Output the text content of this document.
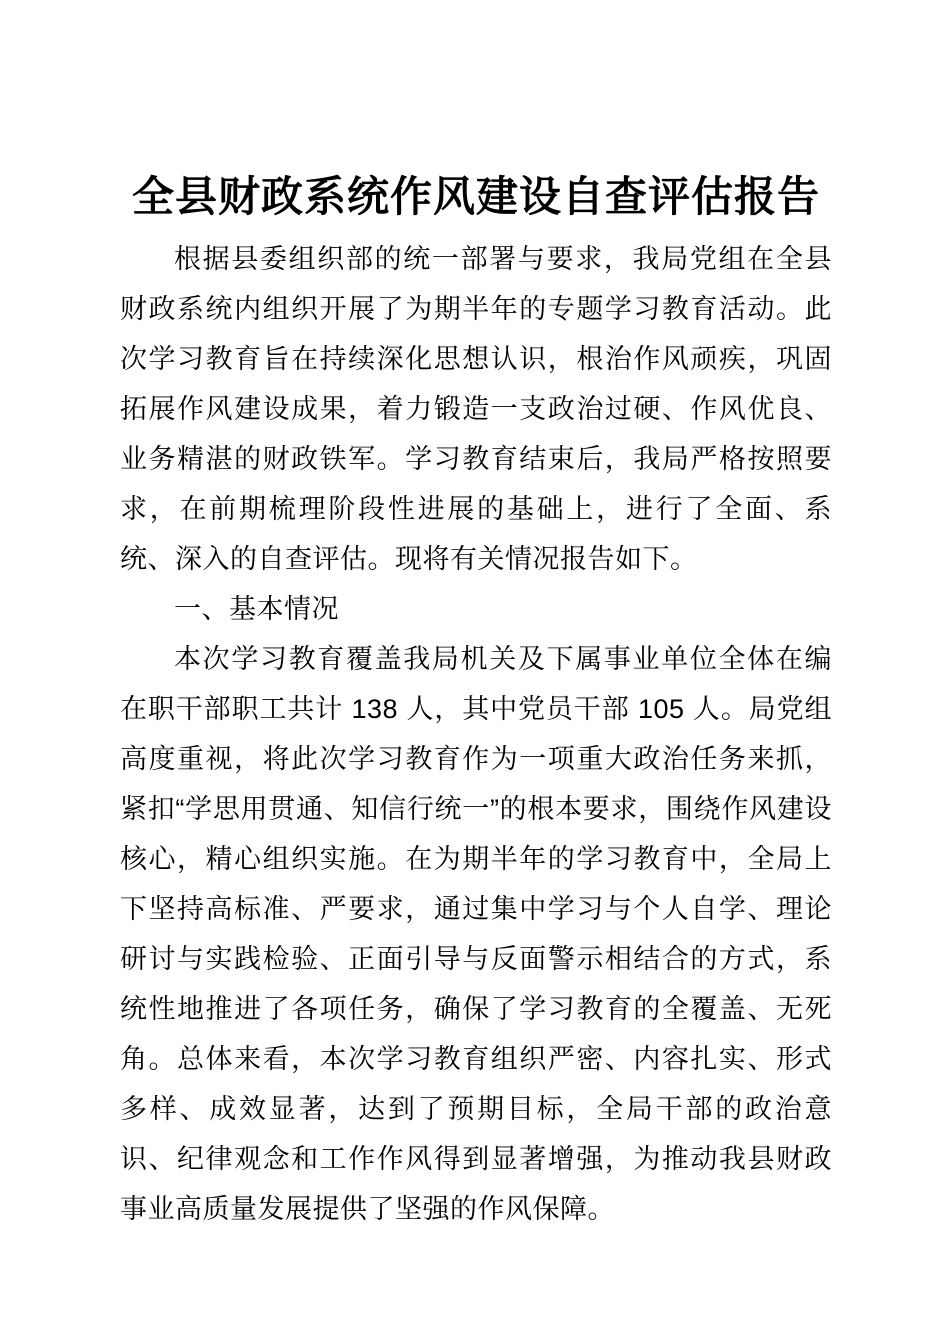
全县财政系统作风建设自查评估报告

根据县委组织部的统一部署与要求，我局党组在全县财政系统内组织开展了为期半年的专题学习教育活动。此次学习教育旨在持续深化思想认识，根治作风顽疾，巩固拓展作风建设成果，着力锻造一支政治过硬、作风优良、业务精湛的财政铁军。学习教育结束后，我局严格按照要求，在前期梳理阶段性进展的基础上，进行了全面、系统、深入的自查评估。现将有关情况报告如下。

一、基本情况

本次学习教育覆盖我局机关及下属事业单位全体在编在职干部职工共计 138 人，其中党员干部 105 人。局党组高度重视，将此次学习教育作为一项重大政治任务来抓，紧扣“学思用贯通、知信行统一”的根本要求，围绕作风建设核心，精心组织实施。在为期半年的学习教育中，全局上下坚持高标准、严要求，通过集中学习与个人自学、理论研讨与实践检验、正面引导与反面警示相结合的方式，系统性地推进了各项任务，确保了学习教育的全覆盖、无死角。总体来看，本次学习教育组织严密、内容扎实、形式多样、成效显著，达到了预期目标，全局干部的政治意识、纪律观念和工作作风得到显著增强，为推动我县财政事业高质量发展提供了坚强的作风保障。
